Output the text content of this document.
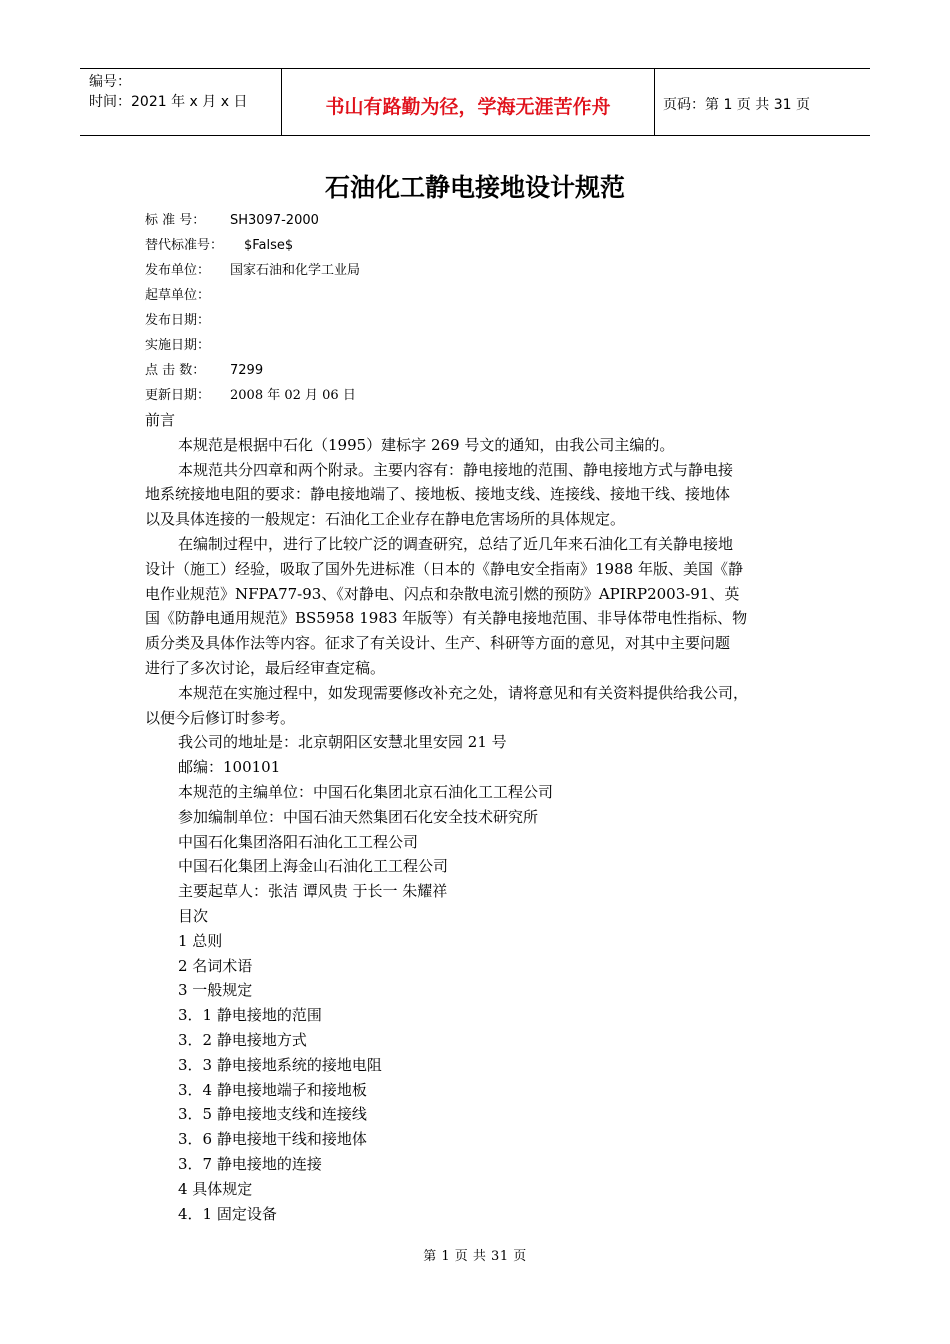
编号：
时间：2021 年 x 月 x 日	书山有路勤为径，学海无涯苦作舟	页码：第 1 页 共 31 页
石油化工静电接地设计规范
标 准 号： SH3097-2000
替代标准号： $False$
发布单位： 国家石油和化学工业局
起草单位：
发布日期：
实施日期：
点 击 数： 7299
更新日期： 2008 年 02 月 06 日
前言
本规范是根据中石化（1995）建标字 269 号文的通知，由我公司主编的。
本规范共分四章和两个附录。主要内容有：静电接地的范围、静电接地方式与静电接
地系统接地电阻的要求：静电接地端了、接地板、接地支线、连接线、接地干线、接地体
以及具体连接的一般规定：石油化工企业存在静电危害场所的具体规定。
在编制过程中，进行了比较广泛的调查研究，总结了近几年来石油化工有关静电接地
设计（施工）经验，吸取了国外先进标准（日本的《静电安全指南》1988 年版、美国《静
电作业规范》NFPA77-93、《对静电、闪点和杂散电流引燃的预防》APIRP2003-91、英
国《防静电通用规范》BS5958 1983 年版等）有关静电接地范围、非导体带电性指标、物
质分类及具体作法等内容。征求了有关设计、生产、科研等方面的意见，对其中主要问题
进行了多次讨论，最后经审查定稿。
本规范在实施过程中，如发现需要修改补充之处，请将意见和有关资料提供给我公司，
以便今后修订时参考。
我公司的地址是：北京朝阳区安慧北里安园 21 号
邮编：100101
本规范的主编单位：中国石化集团北京石油化工工程公司
参加编制单位：中国石油天然集团石化安全技术研究所
中国石化集团洛阳石油化工工程公司
中国石化集团上海金山石油化工工程公司
主要起草人：张洁 谭风贵 于长一 朱耀祥
目次
1 总则
2 名词术语
3 一般规定
3．1 静电接地的范围
3．2 静电接地方式
3．3 静电接地系统的接地电阻
3．4 静电接地端子和接地板
3．5 静电接地支线和连接线
3．6 静电接地干线和接地体
3．7 静电接地的连接
4 具体规定
4．1 固定设备
第 1 页 共 31 页
